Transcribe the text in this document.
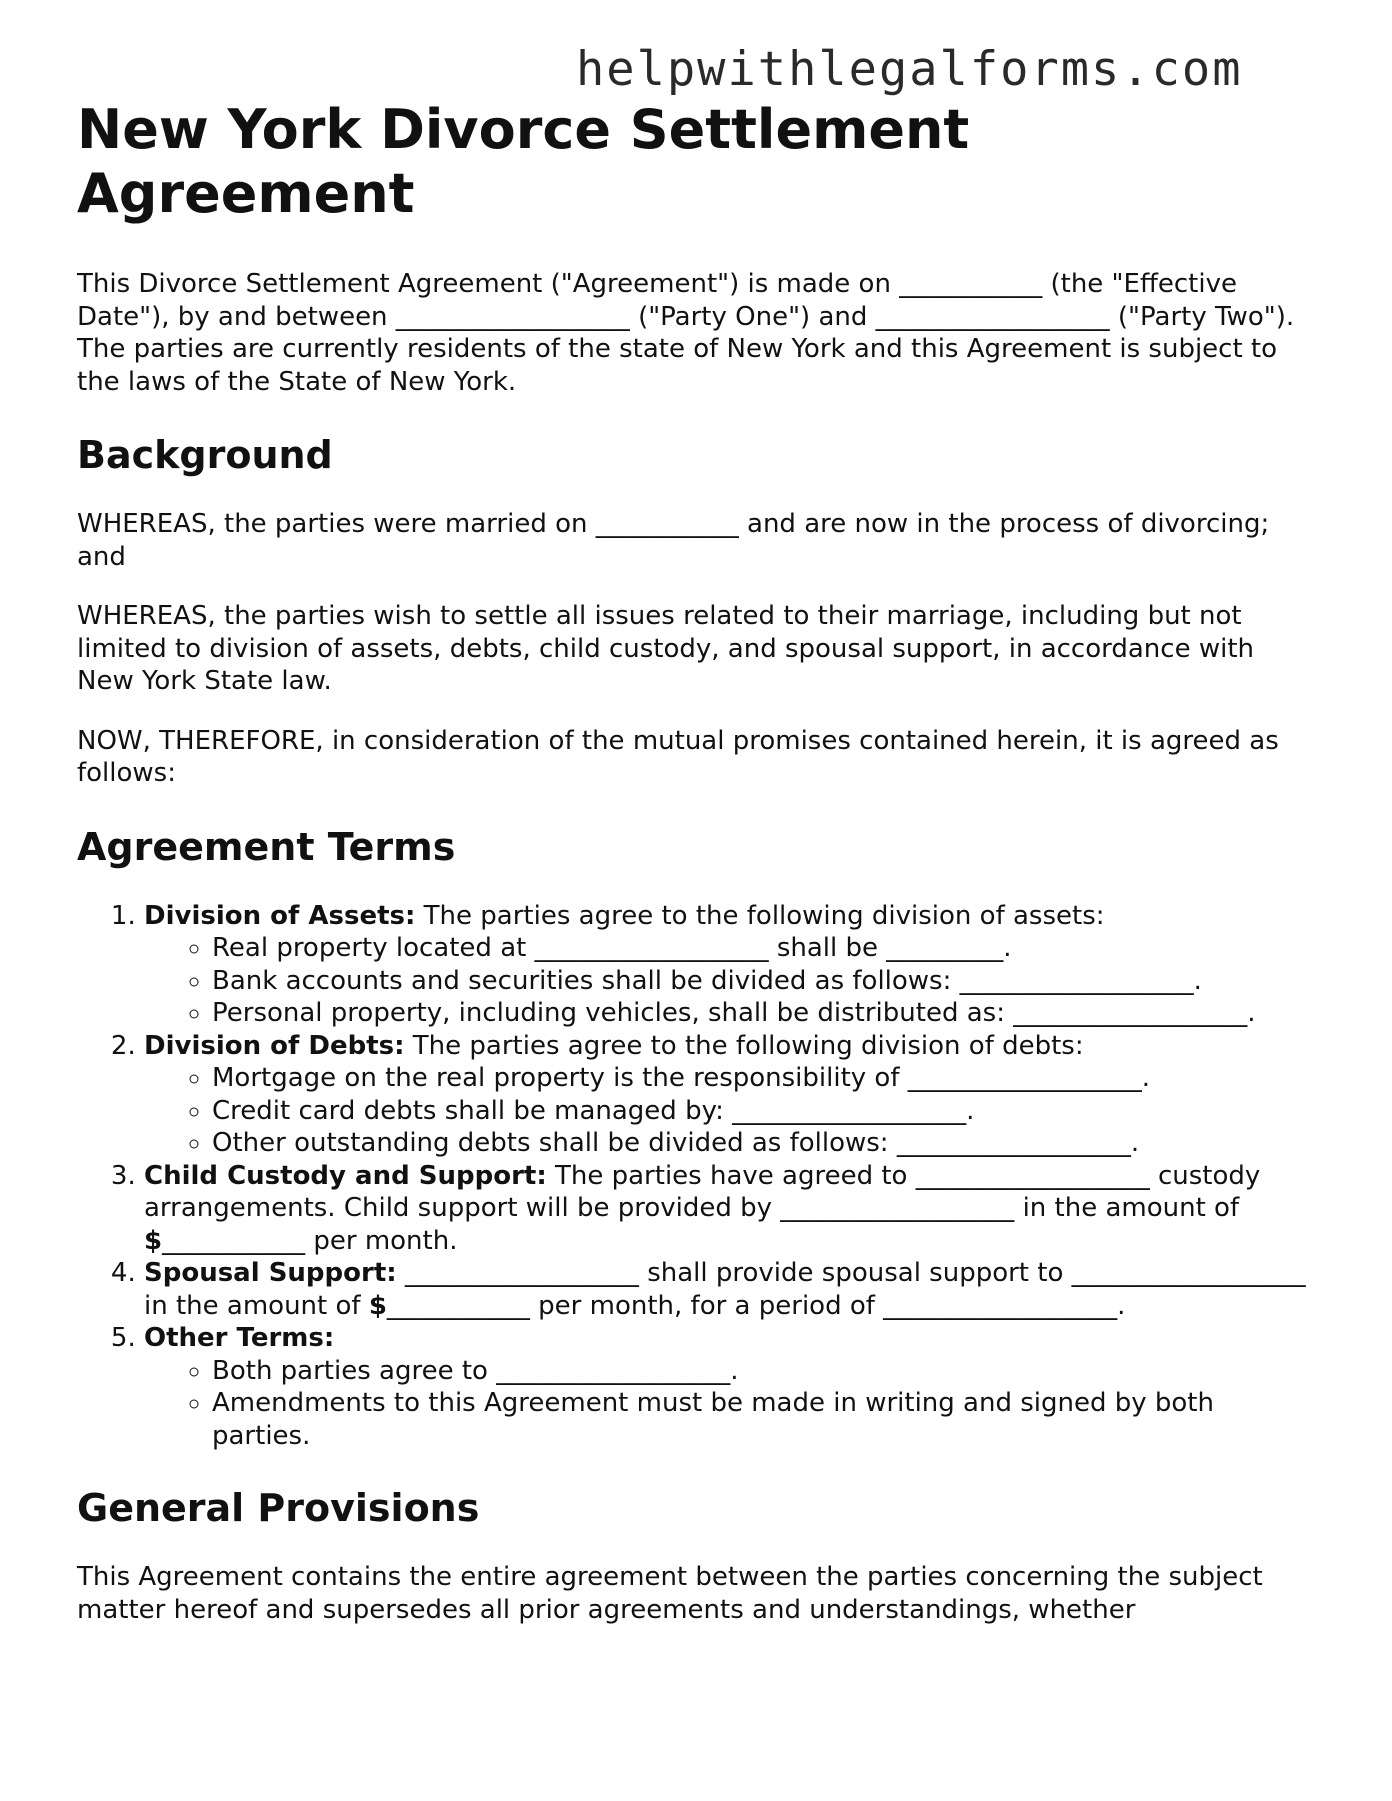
helpwithlegalforms.com
New York Divorce Settlement Agreement

This Divorce Settlement Agreement ("Agreement") is made on ___________ (the "Effective Date"), by and between __________________ ("Party One") and __________________ ("Party Two"). The parties are currently residents of the state of New York and this Agreement is subject to the laws of the State of New York.

Background

WHEREAS, the parties were married on ___________ and are now in the process of divorcing; and

WHEREAS, the parties wish to settle all issues related to their marriage, including but not limited to division of assets, debts, child custody, and spousal support, in accordance with New York State law.

NOW, THEREFORE, in consideration of the mutual promises contained herein, it is agreed as follows:

Agreement Terms
1. Division of Assets: The parties agree to the following division of assets:
◦ Real property located at __________________ shall be _________.
◦ Bank accounts and securities shall be divided as follows: __________________.
◦ Personal property, including vehicles, shall be distributed as: __________________.
2. Division of Debts: The parties agree to the following division of debts:
◦ Mortgage on the real property is the responsibility of __________________.
◦ Credit card debts shall be managed by: __________________.
◦ Other outstanding debts shall be divided as follows: __________________.
3. Child Custody and Support: The parties have agreed to __________________ custody arrangements. Child support will be provided by __________________ in the amount of $___________ per month.
4. Spousal Support: __________________ shall provide spousal support to __________________ in the amount of $___________ per month, for a period of __________________.
5. Other Terms:
◦ Both parties agree to __________________.
◦ Amendments to this Agreement must be made in writing and signed by both parties.
General Provisions

This Agreement contains the entire agreement between the parties concerning the subject matter hereof and supersedes all prior agreements and understandings, whether
